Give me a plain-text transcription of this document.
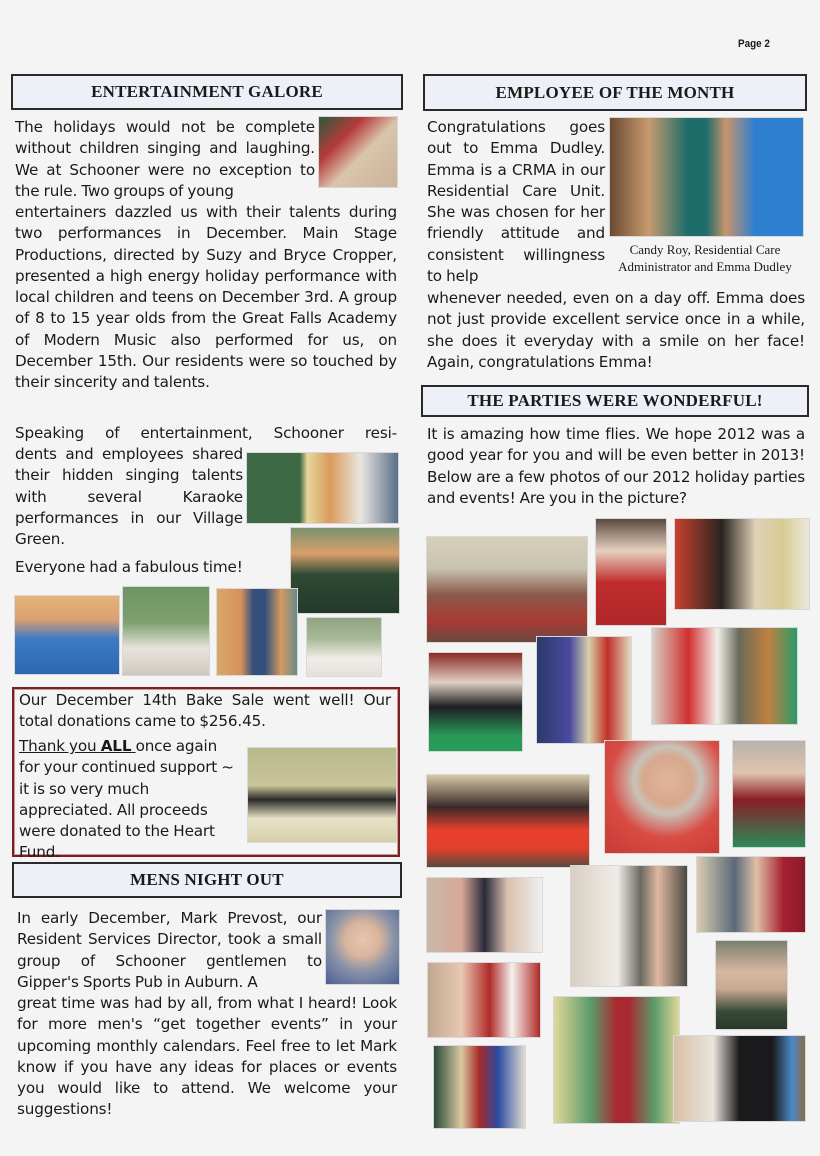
Page 2
ENTERTAINMENT GALORE
The holidays would not be complete without children singing and laughing. We at Schooner were no exception to the rule. Two groups of young
entertainers dazzled us with their talents during two performances in December. Main Stage Productions, directed by Suzy and Bryce Cropper, presented a high energy holiday performance with local children and teens on December 3rd. A group of 8 to 15 year olds from the Great Falls Academy of Modern Music also performed for us, on December 15th. Our residents were so touched by their sincerity and talents.
Speaking of entertainment, Schooner resi-
dents and employees shared their hidden singing talents with several Karaoke performances in our Village Green.
Everyone had a fabulous time!
Our December 14th Bake Sale went well! Our total donations came to $256.45.
Thank you ALL once again for your continued support ~ it is so very much appreciated. All proceeds were donated to the Heart Fund.
MENS NIGHT OUT
In early December, Mark Prevost, our Resident Services Director, took a small group of Schooner gentlemen to Gipper's Sports Pub in Auburn. A
great time was had by all, from what I heard! Look for more men's “get together events” in your upcoming monthly calendars. Feel free to let Mark know if you have any ideas for places or events you would like to attend. We welcome your suggestions!
EMPLOYEE OF THE MONTH
Candy Roy, Residential Care
Administrator and Emma Dudley
Congratulations goes out to Emma Dudley. Emma is a CRMA in our Residential Care Unit. She was chosen for her friendly attitude and consistent willingness to help
whenever needed, even on a day off. Emma does not just provide excellent service once in a while, she does it everyday with a smile on her face! Again, congratulations Emma!
THE PARTIES WERE WONDERFUL!
It is amazing how time flies. We hope 2012 was a good year for you and will be even better in 2013! Below are a few photos of our 2012 holiday parties and events! Are you in the picture?
